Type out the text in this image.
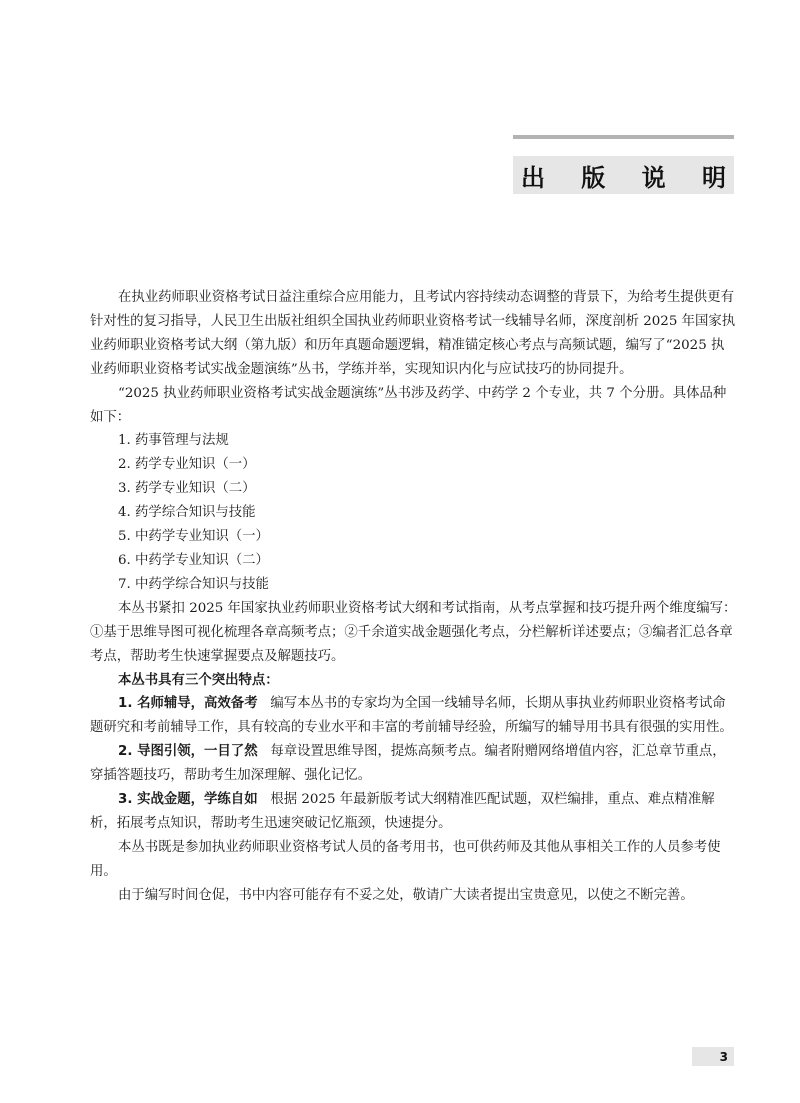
出 版 说 明

在执业药师职业资格考试日益注重综合应用能力，且考试内容持续动态调整的背景下，为给考生提供更有针对性的复习指导，人民卫生出版社组织全国执业药师职业资格考试一线辅导名师，深度剖析 2025 年国家执业药师职业资格考试大纲（第九版）和历年真题命题逻辑，精准锚定核心考点与高频试题，编写了“2025 执业药师职业资格考试实战金题演练”丛书，学练并举，实现知识内化与应试技巧的协同提升。

“2025 执业药师职业资格考试实战金题演练”丛书涉及药学、中药学 2 个专业，共 7 个分册。具体品种如下：

1. 药事管理与法规

2. 药学专业知识（一）

3. 药学专业知识（二）

4. 药学综合知识与技能

5. 中药学专业知识（一）

6. 中药学专业知识（二）

7. 中药学综合知识与技能

本丛书紧扣 2025 年国家执业药师职业资格考试大纲和考试指南，从考点掌握和技巧提升两个维度编写：①基于思维导图可视化梳理各章高频考点；②千余道实战金题强化考点，分栏解析详述要点；③编者汇总各章考点，帮助考生快速掌握要点及解题技巧。

本丛书具有三个突出特点：

1. 名师辅导，高效备考 编写本丛书的专家均为全国一线辅导名师，长期从事执业药师职业资格考试命题研究和考前辅导工作，具有较高的专业水平和丰富的考前辅导经验，所编写的辅导用书具有很强的实用性。

2. 导图引领，一目了然 每章设置思维导图，提炼高频考点。编者附赠网络增值内容，汇总章节重点，穿插答题技巧，帮助考生加深理解、强化记忆。

3. 实战金题，学练自如 根据 2025 年最新版考试大纲精准匹配试题，双栏编排，重点、难点精准解析，拓展考点知识，帮助考生迅速突破记忆瓶颈，快速提分。

本丛书既是参加执业药师职业资格考试人员的备考用书，也可供药师及其他从事相关工作的人员参考使用。

由于编写时间仓促，书中内容可能存有不妥之处，敬请广大读者提出宝贵意见，以使之不断完善。

3
